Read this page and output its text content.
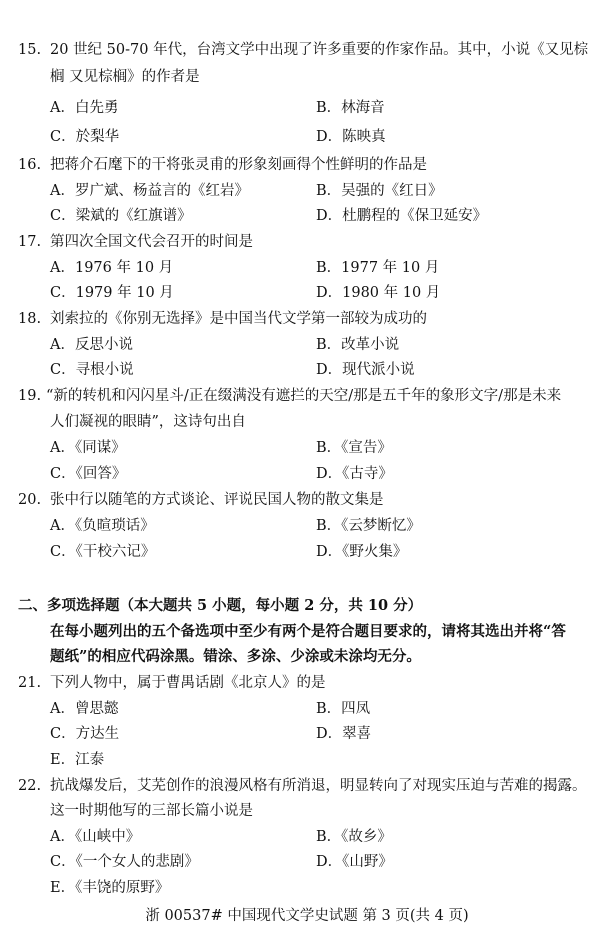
15. 20 世纪 50-70 年代，台湾文学中出现了许多重要的作家作品。其中，小说《又见棕
榈 又见棕榈》的作者是
A．白先勇	B．林海音
C．於梨华	D．陈映真
16. 把蒋介石麾下的干将张灵甫的形象刻画得个性鲜明的作品是
A．罗广斌、杨益言的《红岩》	B．吴强的《红日》
C．梁斌的《红旗谱》	D．杜鹏程的《保卫延安》
17. 第四次全国文代会召开的时间是
A．1976 年 10 月	B．1977 年 10 月
C．1979 年 10 月	D．1980 年 10 月
18. 刘索拉的《你别无选择》是中国当代文学第一部较为成功的
A．反思小说	B．改革小说
C．寻根小说	D．现代派小说
19. “新的转机和闪闪星斗/正在缀满没有遮拦的天空/那是五千年的象形文字/那是未来
人们凝视的眼睛”，这诗句出自
A．《同谋》	B．《宣告》
C．《回答》	D．《古寺》
20. 张中行以随笔的方式谈论、评说民国人物的散文集是
A．《负暄琐话》	B．《云梦断忆》
C．《干校六记》	D．《野火集》
二、多项选择题（本大题共 5 小题，每小题 2 分，共 10 分）
在每小题列出的五个备选项中至少有两个是符合题目要求的，请将其选出并将“答
题纸”的相应代码涂黑。错涂、多涂、少涂或未涂均无分。
21. 下列人物中，属于曹禺话剧《北京人》的是
A．曾思懿	B．四凤
C．方达生	D．翠喜
E．江泰
22. 抗战爆发后，艾芜创作的浪漫风格有所消退，明显转向了对现实压迫与苦难的揭露。
这一时期他写的三部长篇小说是
A．《山峡中》	B．《故乡》
C．《一个女人的悲剧》	D．《山野》
E．《丰饶的原野》
浙 00537# 中国现代文学史试题 第 3 页(共 4 页)
